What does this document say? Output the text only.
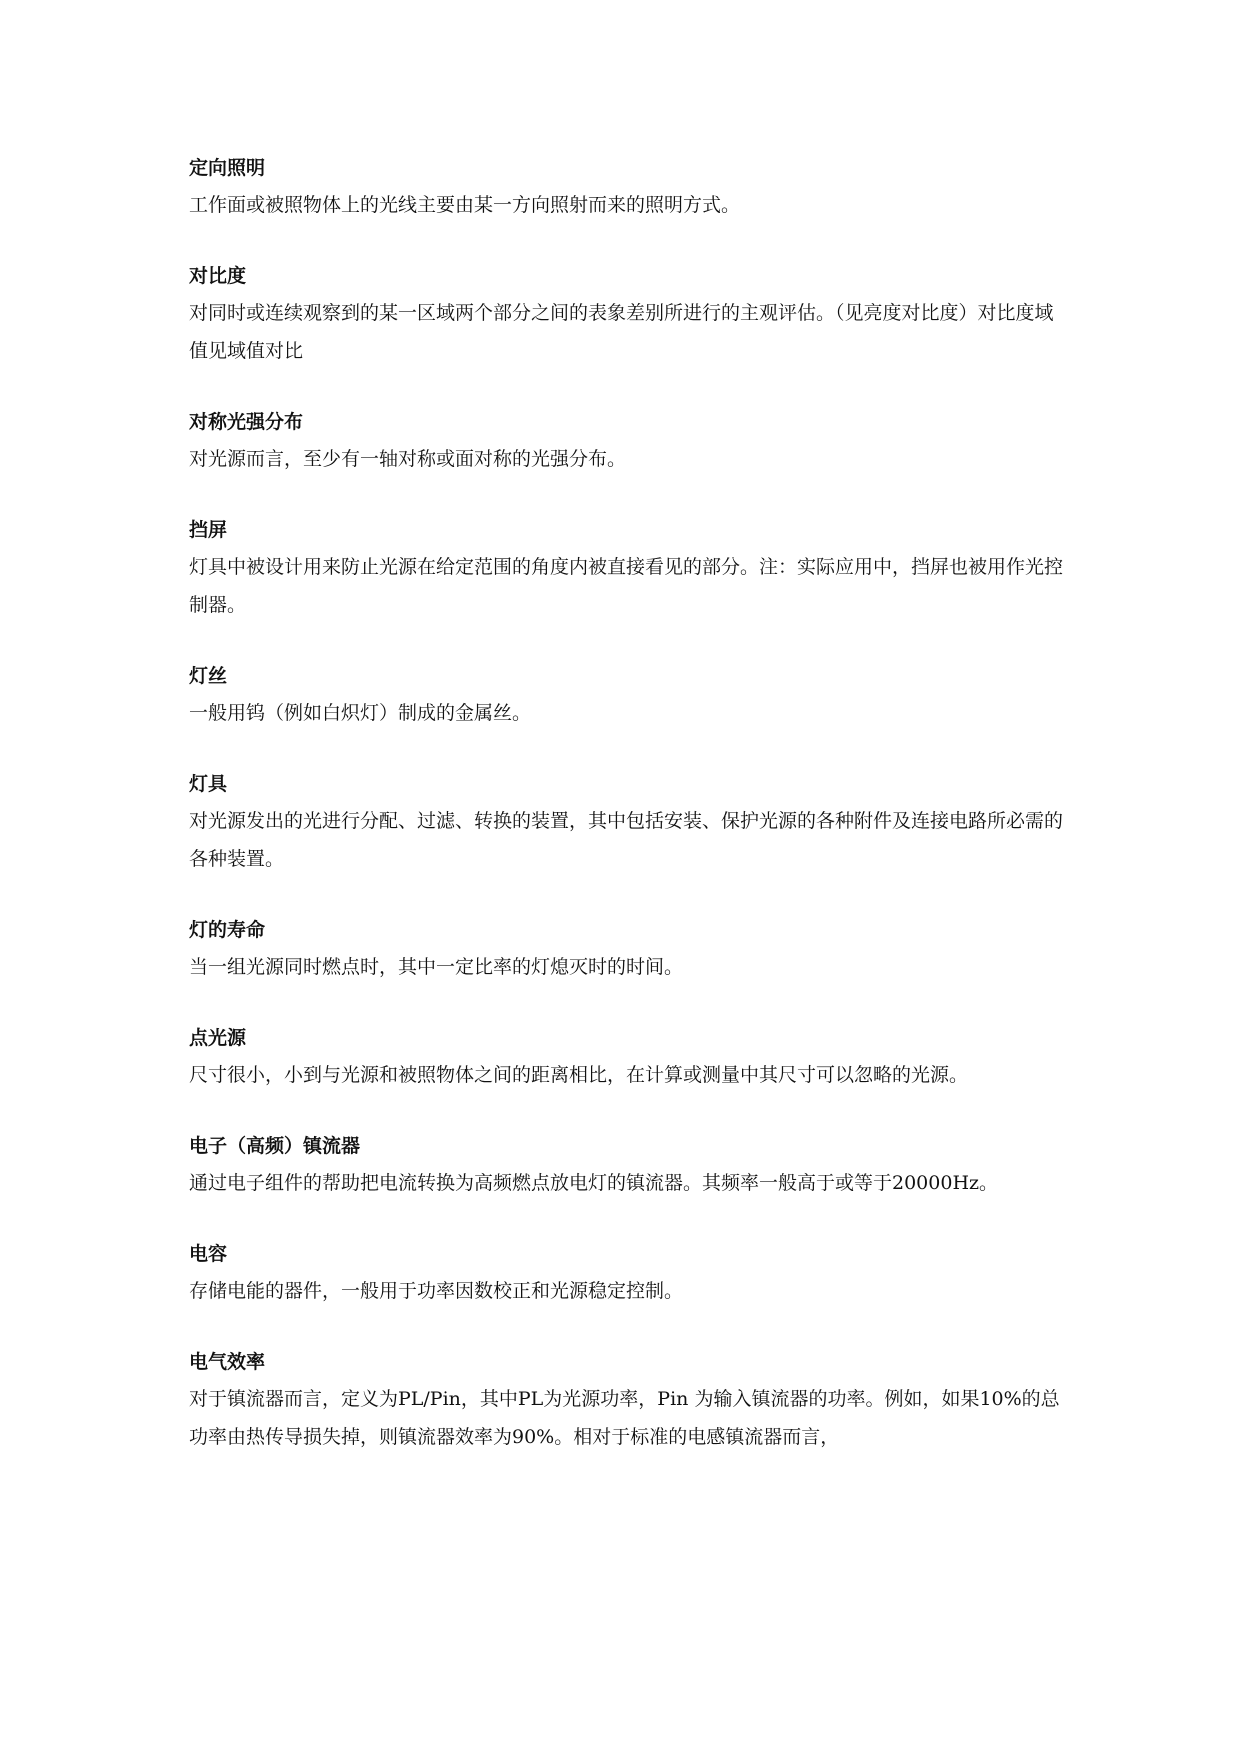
定向照明

工作面或被照物体上的光线主要由某一方向照射而来的照明方式。

对比度

对同时或连续观察到的某一区域两个部分之间的表象差别所进行的主观评估。（见亮度对比度）对比度域值见域值对比

对称光强分布

对光源而言，至少有一轴对称或面对称的光强分布。

挡屏

灯具中被设计用来防止光源在给定范围的角度内被直接看见的部分。注：实际应用中，挡屏也被用作光控制器。

灯丝

一般用钨（例如白炽灯）制成的金属丝。

灯具

对光源发出的光进行分配、过滤、转换的装置，其中包括安装、保护光源的各种附件及连接电路所必需的各种装置。

灯的寿命

当一组光源同时燃点时，其中一定比率的灯熄灭时的时间。

点光源

尺寸很小，小到与光源和被照物体之间的距离相比，在计算或测量中其尺寸可以忽略的光源。

电子（高频）镇流器

通过电子组件的帮助把电流转换为高频燃点放电灯的镇流器。其频率一般高于或等于20000Hz。

电容

存储电能的器件，一般用于功率因数校正和光源稳定控制。

电气效率

对于镇流器而言，定义为PL/Pin，其中PL为光源功率，Pin 为输入镇流器的功率。例如，如果10%的总功率由热传导损失掉，则镇流器效率为90%。相对于标准的电感镇流器而言，
